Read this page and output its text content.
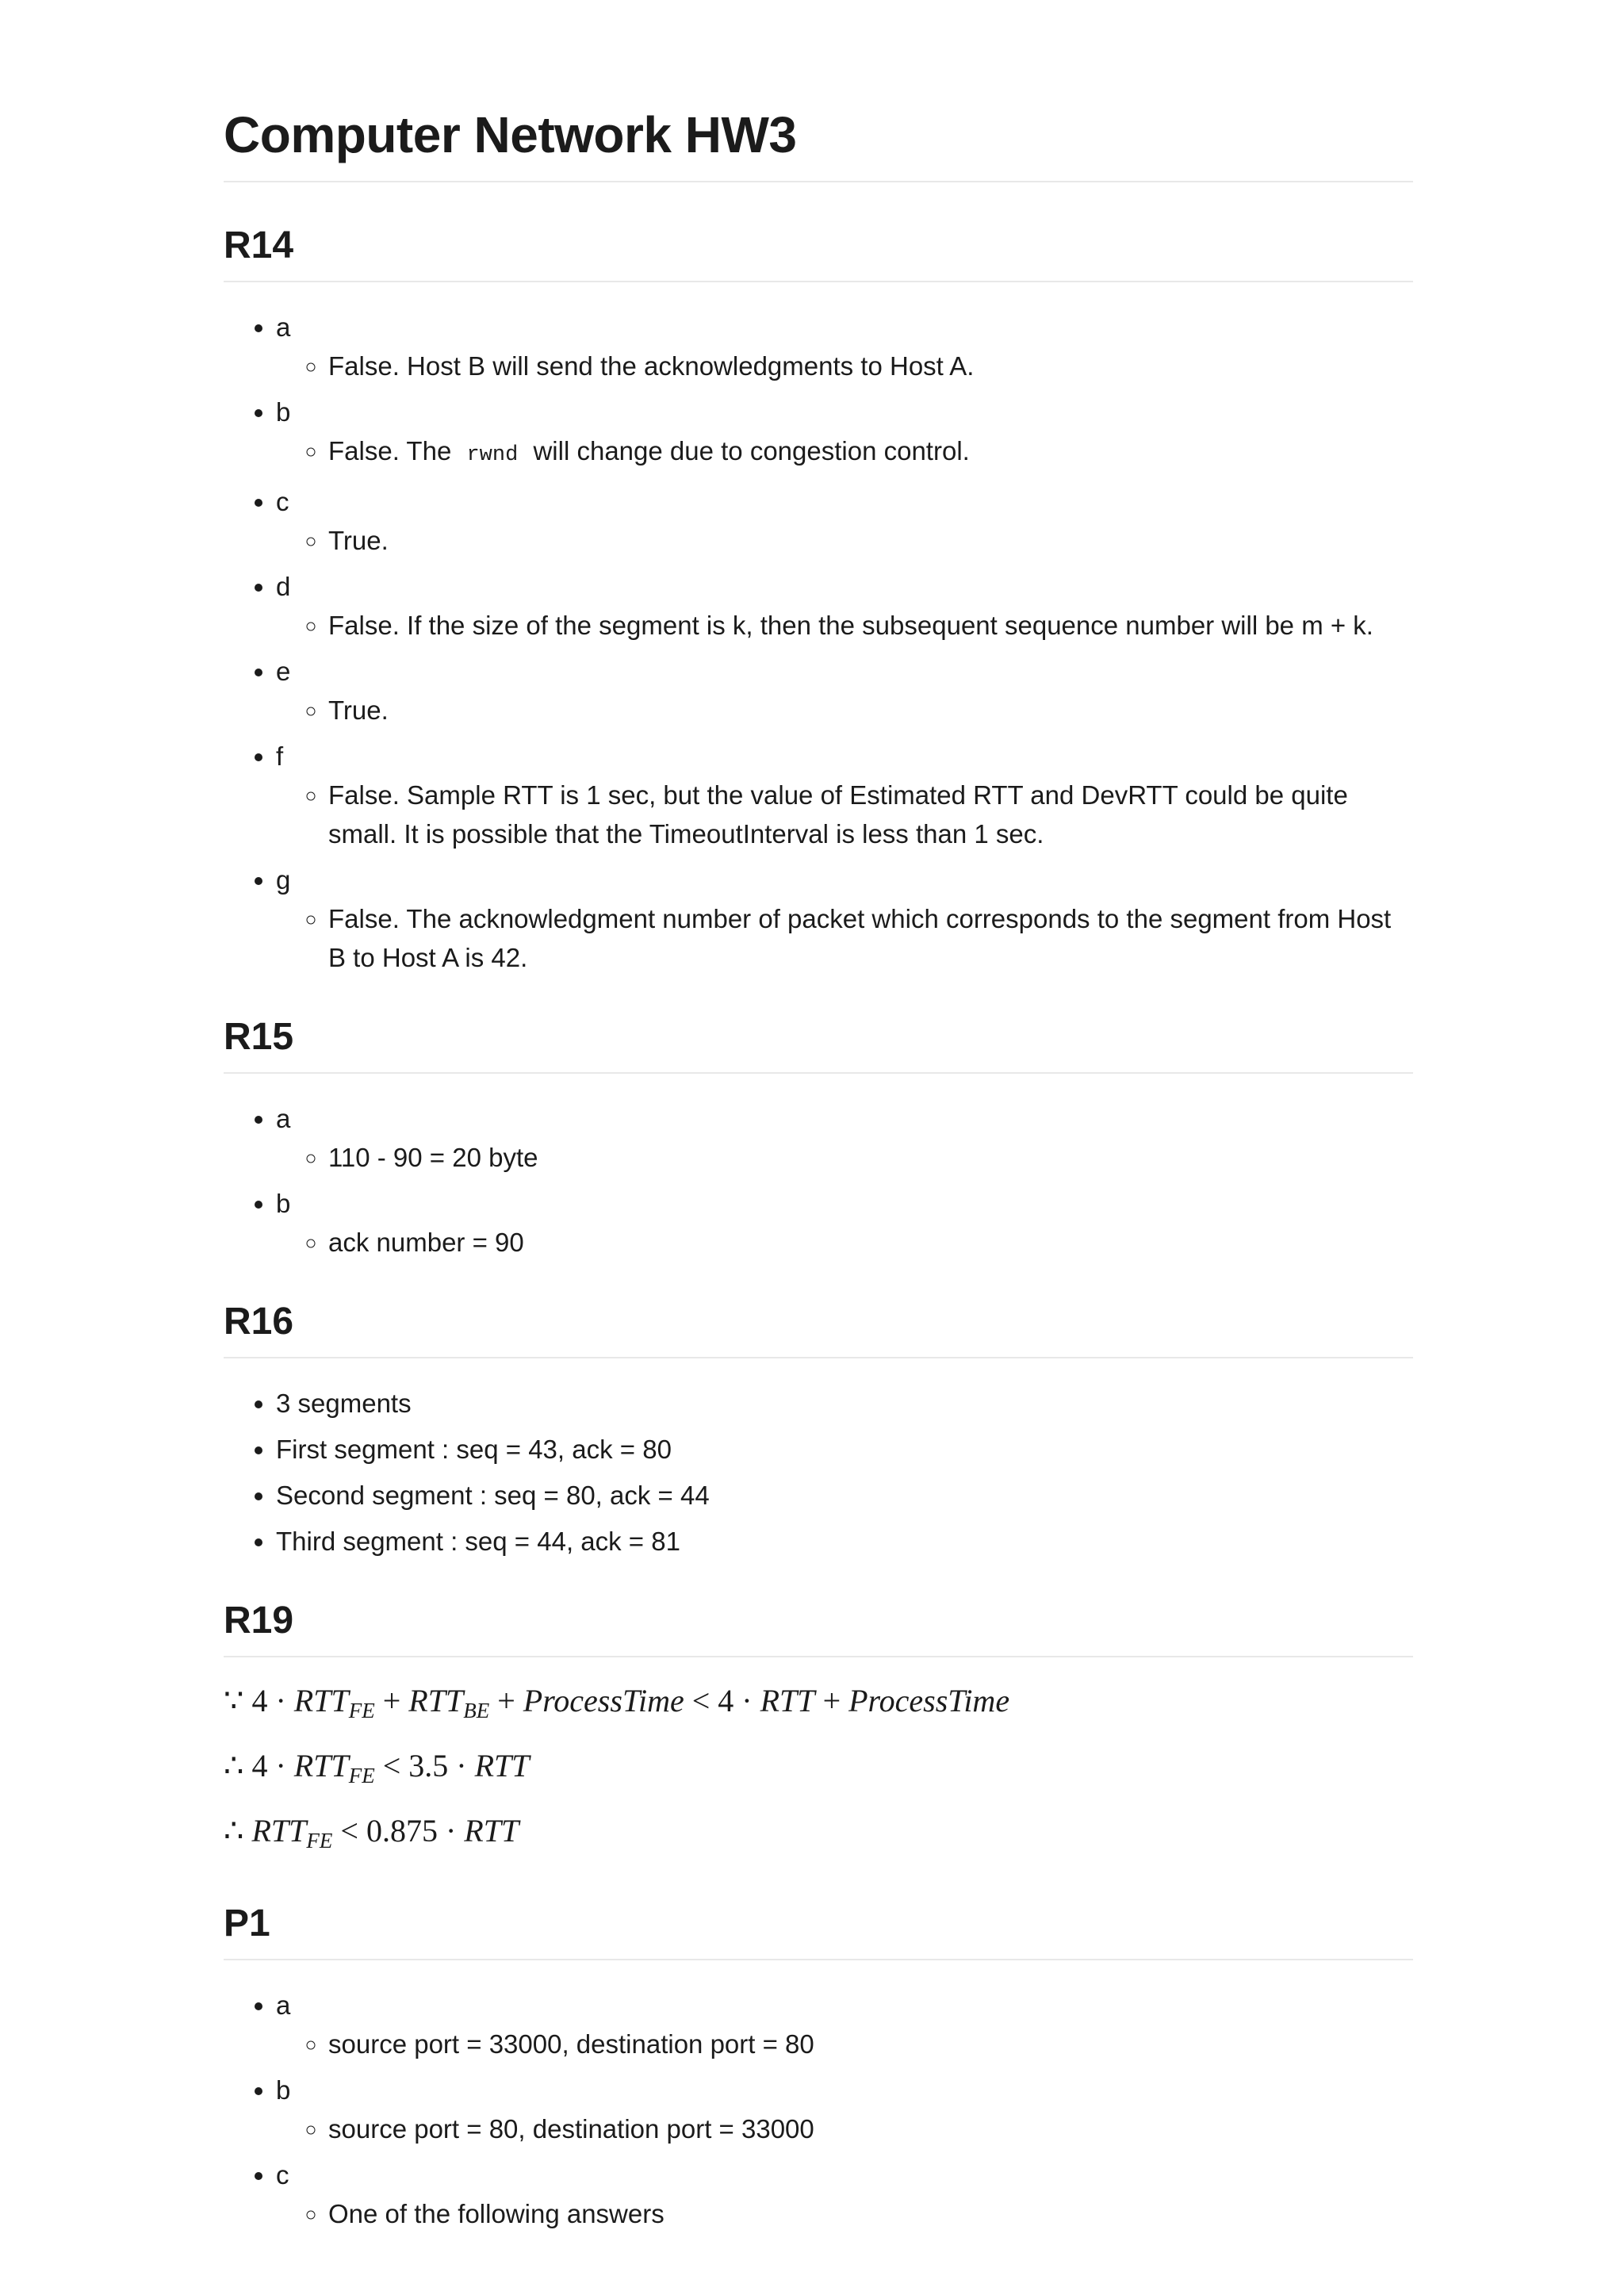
Computer Network HW3
R14
• a
◦ False. Host B will send the acknowledgments to Host A.
• b
◦ False. The rwnd will change due to congestion control.
• c
◦ True.
• d
◦ False. If the size of the segment is k, then the subsequent sequence number will be m + k.
• e
◦ True.
• f
◦ False. Sample RTT is 1 sec, but the value of Estimated RTT and DevRTT could be quite small. It is possible that the TimeoutInterval is less than 1 sec.
• g
◦ False. The acknowledgment number of packet which corresponds to the segment from Host B to Host A is 42.
R15
• a
◦ 110 - 90 = 20 byte
• b
◦ ack number = 90
R16
• 3 segments
• First segment : seq = 43, ack = 80
• Second segment : seq = 80, ack = 44
• Third segment : seq = 44, ack = 81
R19

∵ $4 \cdot RTT_{FE} + RTT_{BE}$ + ProcessTime < 4 · RTT + ProcessTime

∴ $4 \cdot RTT_{FE} < 3.5$ · RTT

∴ $RTT_{FE} < 0.875$ · RTT

P1
• a
◦ source port = 33000, destination port = 80
• b
◦ source port = 80, destination port = 33000
• c
◦ One of the following answers
